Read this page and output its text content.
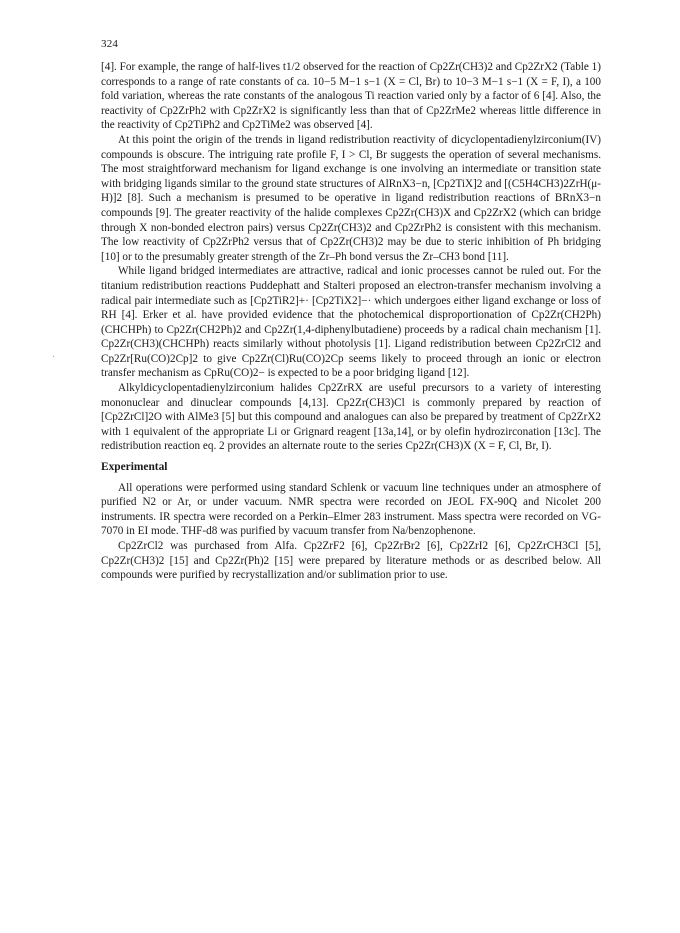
324
·

[4]. For example, the range of half-lives t1/2 observed for the reaction of Cp2Zr(CH3)2 and Cp2ZrX2 (Table 1) corresponds to a range of rate constants of ca. 10−5 M−1 s−1 (X = Cl, Br) to 10−3 M−1 s−1 (X = F, I), a 100 fold variation, whereas the rate constants of the analogous Ti reaction varied only by a factor of 6 [4]. Also, the reactivity of Cp2ZrPh2 with Cp2ZrX2 is significantly less than that of Cp2ZrMe2 whereas little difference in the reactivity of Cp2TiPh2 and Cp2TiMe2 was observed [4].

At this point the origin of the trends in ligand redistribution reactivity of dicyclopentadienylzirconium(IV) compounds is obscure. The intriguing rate profile F, I > Cl, Br suggests the operation of several mechanisms. The most straightforward mechanism for ligand exchange is one involving an intermediate or transition state with bridging ligands similar to the ground state structures of AlRnX3−n, [Cp2TiX]2 and [(C5H4CH3)2ZrH(μ-H)]2 [8]. Such a mechanism is presumed to be operative in ligand redistribution reactions of BRnX3−n compounds [9]. The greater reactivity of the halide complexes Cp2Zr(CH3)X and Cp2ZrX2 (which can bridge through X non-bonded electron pairs) versus Cp2Zr(CH3)2 and Cp2ZrPh2 is consistent with this mechanism. The low reactivity of Cp2ZrPh2 versus that of Cp2Zr(CH3)2 may be due to steric inhibition of Ph bridging [10] or to the presumably greater strength of the Zr–Ph bond versus the Zr–CH3 bond [11].

While ligand bridged intermediates are attractive, radical and ionic processes cannot be ruled out. For the titanium redistribution reactions Puddephatt and Stalteri proposed an electron-transfer mechanism involving a radical pair intermediate such as [Cp2TiR2]+· [Cp2TiX2]−· which undergoes either ligand exchange or loss of RH [4]. Erker et al. have provided evidence that the photochemical disproportionation of Cp2Zr(CH2Ph)(CHCHPh) to Cp2Zr(CH2Ph)2 and Cp2Zr(1,4-diphenylbutadiene) proceeds by a radical chain mechanism [1]. Cp2Zr(CH3)(CHCHPh) reacts similarly without photolysis [1]. Ligand redistribution between Cp2ZrCl2 and Cp2Zr[Ru(CO)2Cp]2 to give Cp2Zr(Cl)Ru(CO)2Cp seems likely to proceed through an ionic or electron transfer mechanism as CpRu(CO)2− is expected to be a poor bridging ligand [12].

Alkyldicyclopentadienylzirconium halides Cp2ZrRX are useful precursors to a variety of interesting mononuclear and dinuclear compounds [4,13]. Cp2Zr(CH3)Cl is commonly prepared by reaction of [Cp2ZrCl]2O with AlMe3 [5] but this compound and analogues can also be prepared by treatment of Cp2ZrX2 with 1 equivalent of the appropriate Li or Grignard reagent [13a,14], or by olefin hydrozirconation [13c]. The redistribution reaction eq. 2 provides an alternate route to the series Cp2Zr(CH3)X (X = F, Cl, Br, I).

Experimental

All operations were performed using standard Schlenk or vacuum line techniques under an atmosphere of purified N2 or Ar, or under vacuum. NMR spectra were recorded on JEOL FX-90Q and Nicolet 200 instruments. IR spectra were recorded on a Perkin–Elmer 283 instrument. Mass spectra were recorded on VG-7070 in EI mode. THF-d8 was purified by vacuum transfer from Na/benzophenone.

Cp2ZrCl2 was purchased from Alfa. Cp2ZrF2 [6], Cp2ZrBr2 [6], Cp2ZrI2 [6], Cp2ZrCH3Cl [5], Cp2Zr(CH3)2 [15] and Cp2Zr(Ph)2 [15] were prepared by literature methods or as described below. All compounds were purified by recrystallization and/or sublimation prior to use.
